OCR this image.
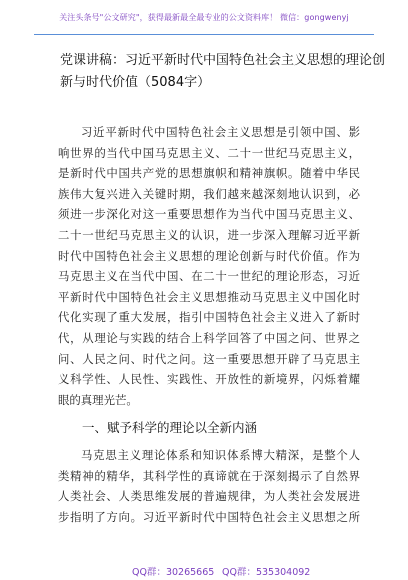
关注头条号"公文研究"，获得最新最全最专业的公文资料库！ 微信：gongwenyj
党课讲稿：习近平新时代中国特色社会主义思想的理论创
新与时代价值（5084字）
习近平新时代中国特色社会主义思想是引领中国、影
响世界的当代中国马克思主义、二十一世纪马克思主义，
是新时代中国共产党的思想旗帜和精神旗帜。随着中华民
族伟大复兴进入关键时期，我们越来越深刻地认识到，必
须进一步深化对这一重要思想作为当代中国马克思主义、
二十一世纪马克思主义的认识，进一步深入理解习近平新
时代中国特色社会主义思想的理论创新与时代价值。作为
马克思主义在当代中国、在二十一世纪的理论形态，习近
平新时代中国特色社会主义思想推动马克思主义中国化时
代化实现了重大发展，指引中国特色社会主义进入了新时
代，从理论与实践的结合上科学回答了中国之问、世界之
问、人民之问、时代之问。这一重要思想开辟了马克思主
义科学性、人民性、实践性、开放性的新境界，闪烁着耀
眼的真理光芒。
一、赋予科学的理论以全新内涵
马克思主义理论体系和知识体系博大精深，是整个人
类精神的精华，其科学性的真谛就在于深刻揭示了自然界
人类社会、人类思维发展的普遍规律，为人类社会发展进
步指明了方向。习近平新时代中国特色社会主义思想之所
QQ群：30265665 QQ群：535304092
